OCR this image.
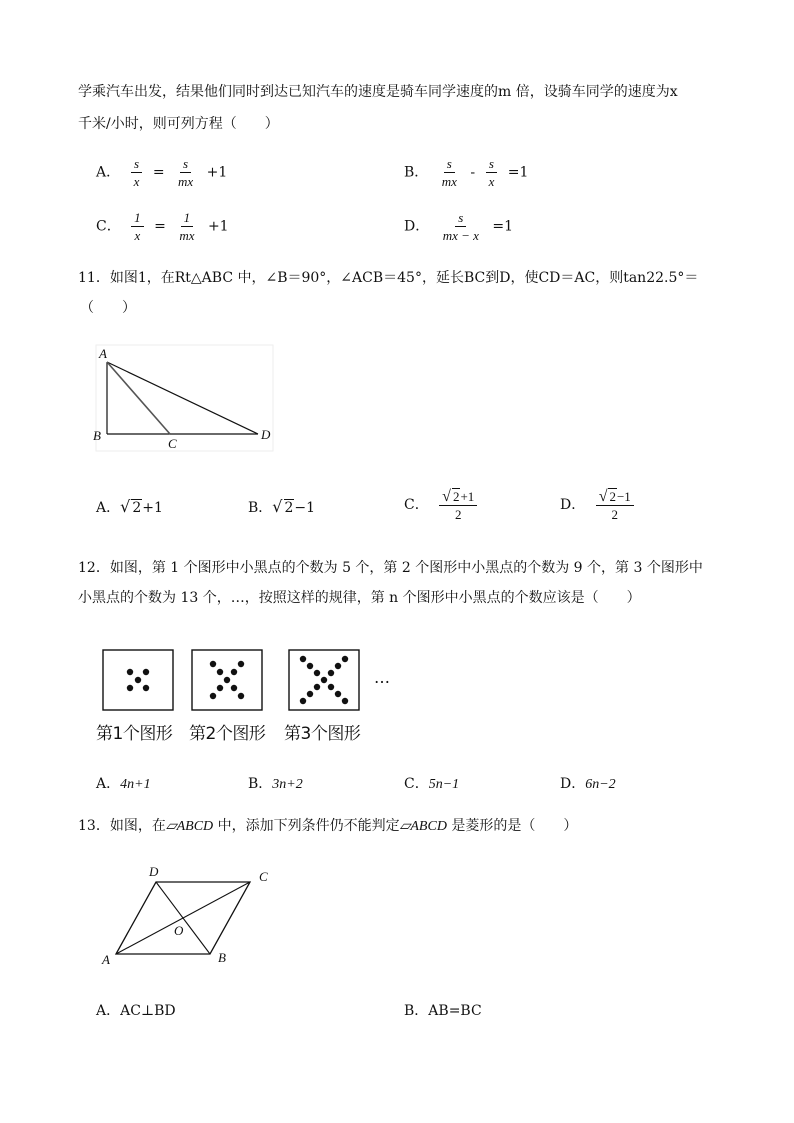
学乘汽车出发，结果他们同时到达已知汽车的速度是骑车同学速度的m 倍，设骑车同学的速度为x
千米/小时，则可列方程（　　）
A． $\frac{s}{x} = \frac{s}{mx} +1$	B． $\frac{s}{mx} - \frac{s}{x} =1$
C． $\frac{1}{x} = \frac{1}{mx} +1$	D． $\frac{s}{mx - x} =1$
11．如图1，在Rt△ABC 中，∠B＝90°，∠ACB＝45°，延长BC到D，使CD＝AC，则tan22.5°＝
（　　）
A
B
C
D
A．√ 2+1	B．√ 2−1	C． $\frac{√ 2+1}{2}$	D． $\frac{√ 2-1}{2}$
12．如图，第 1 个图形中小黑点的个数为 5 个，第 2 个图形中小黑点的个数为 9 个，第 3 个图形中
小黑点的个数为 13 个，…，按照这样的规律，第 n 个图形中小黑点的个数应该是（　　）
…
第1个图形 第2个图形 第3个图形
A．4n+1	B．3n+2	C．5n−1	D．6n−2
13．如图，在▱ABCD 中，添加下列条件仍不能判定▱ABCD 是菱形的是（　　）
D	C
O
A	B
A．AC⊥BD	B．AB=BC
